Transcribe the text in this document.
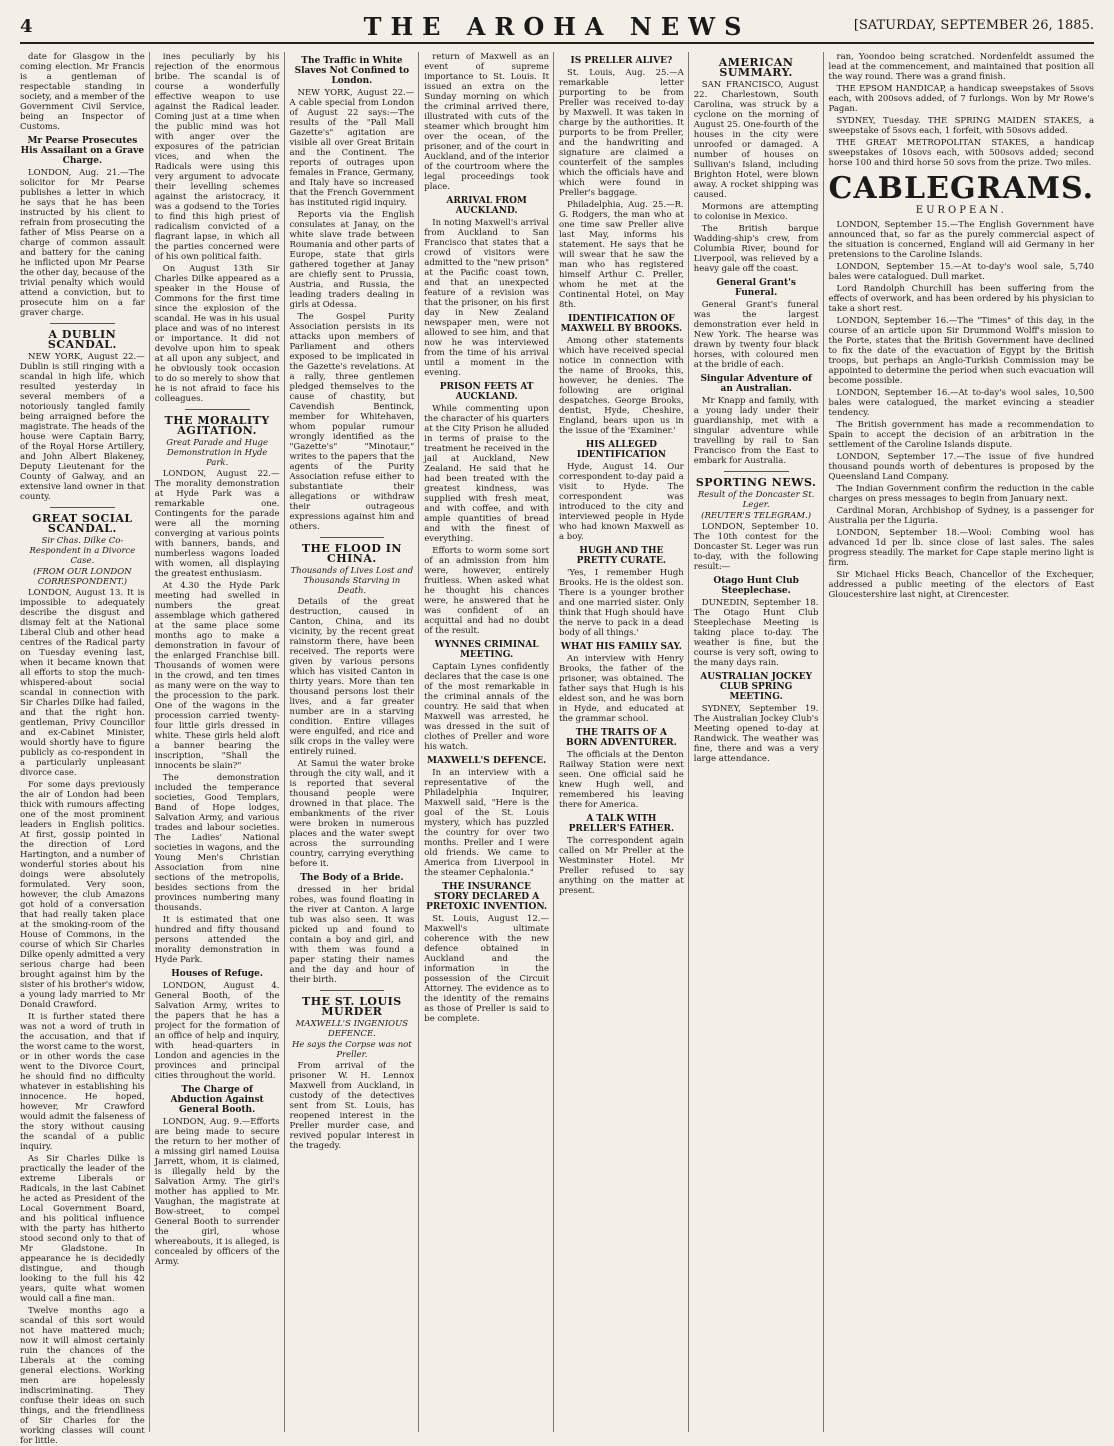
4	THE AROHA NEWS	[SATURDAY, SEPTEMBER 26, 1885.

date for Glasgow in the coming election. Mr Francis is a gentleman of respectable standing in society, and a member of the Government Civil Service, being an Inspector of Customs.

Mr Pearse Prosecutes His Assailant on a Grave Charge.

LONDON, Aug. 21.—The solicitor for Mr Pearse publishes a letter in which he says that he has been instructed by his client to refrain from prosecuting the father of Miss Pearse on a charge of common assault and battery for the caning he inflicted upon Mr Pearse the other day, because of the trivial penalty which would attend a conviction, but to prosecute him on a far graver charge.

A DUBLIN SCANDAL.

NEW YORK, August 22.—Dublin is still ringing with a scandal in high life, which resulted yesterday in several members of a notoriously tangled family being arraigned before the magistrate. The heads of the house were Captain Barry, of the Royal Horse Artillery, and John Albert Blakeney, Deputy Lieutenant for the County of Galway, and an extensive land owner in that county.

GREAT SOCIAL SCANDAL.
Sir Chas. Dilke Co-Respondent in a Divorce Case.
(FROM OUR LONDON CORRESPONDENT.)

LONDON, August 13. It is impossible to adequately describe the disgust and dismay felt at the National Liberal Club and other head centres of the Radical party on Tuesday evening last, when it became known that all efforts to stop the much-whispered-about social scandal in connection with Sir Charles Dilke had failed, and that the right hon. gentleman, Privy Councillor and ex-Cabinet Minister, would shortly have to figure publicly as co-respondent in a particularly unpleasant divorce case.

For some days previously the air of London had been thick with rumours affecting one of the most prominent leaders in English politics. At first, gossip pointed in the direction of Lord Hartington, and a number of wonderful stories about his doings were absolutely formulated. Very soon, however, the club Amazons got hold of a conversation that had really taken place at the smoking-room of the House of Commons, in the course of which Sir Charles Dilke openly admitted a very serious charge had been brought against him by the sister of his brother's widow, a young lady married to Mr Donald Crawford.

It is further stated there was not a word of truth in the accusation, and that if the worst came to the worst, or in other words the case went to the Divorce Court, he should find no difficulty whatever in establishing his innocence. He hoped, however, Mr Crawford would admit the falseness of the story without causing the scandal of a public inquiry.

As Sir Charles Dilke is practically the leader of the extreme Liberals or Radicals, in the last Cabinet he acted as President of the Local Government Board, and his political influence with the party has hitherto stood second only to that of Mr Gladstone. In appearance he is decidedly distingue, and though looking to the full his 42 years, quite what women would call a fine man.

Twelve months ago a scandal of this sort would not have mattered much; now it will almost certainly ruin the chances of the Liberals at the coming general elections. Working men are hopelessly indiscriminating. They confuse their ideas on such things, and the friendliness of Sir Charles for the working classes will count for little.

ines peculiarly by his rejection of the enormous bribe. The scandal is of course a wonderfully effective weapon to use against the Radical leader. Coming just at a time when the public mind was hot with anger over the exposures of the patrician vices, and when the Radicals were using this very argument to advocate their levelling schemes against the aristocracy, it was a godsend to the Tories to find this high priest of radicalism convicted of a flagrant lapse, in which all the parties concerned were of his own political faith.

On August 13th Sir Charles Dilke appeared as a speaker in the House of Commons for the first time since the explosion of the scandal. He was in his usual place and was of no interest or importance. It did not devolve upon him to speak at all upon any subject, and he obviously took occasion to do so merely to show that he is not afraid to face his colleagues.

THE MORALITY AGITATION.
Great Parade and Huge Demonstration in Hyde Park.

LONDON, August 22.—The morality demonstration at Hyde Park was a remarkable one. Contingents for the parade were all the morning converging at various points with banners, bands, and numberless wagons loaded with women, all displaying the greatest enthusiasm.

At 4.30 the Hyde Park meeting had swelled in numbers the great assemblage which gathered at the same place some months ago to make a demonstration in favour of the enlarged Franchise bill. Thousands of women were in the crowd, and ten times as many were on the way to the procession to the park. One of the wagons in the procession carried twenty-four little girls dressed in white. These girls held aloft a banner bearing the inscription, "Shall the innocents be slain?"

The demonstration included the temperance societies, Good Templars, Band of Hope lodges, Salvation Army, and various trades and labour societies. The Ladies' National societies in wagons, and the Young Men's Christian Association from nine sections of the metropolis, besides sections from the provinces numbering many thousands.

It is estimated that one hundred and fifty thousand persons attended the morality demonstration in Hyde Park.

Houses of Refuge.

LONDON, August 4. General Booth, of the Salvation Army, writes to the papers that he has a project for the formation of an office of help and inquiry, with head-quarters in London and agencies in the provinces and principal cities throughout the world.

The Charge of Abduction Against General Booth.

LONDON, Aug. 9.—Efforts are being made to secure the return to her mother of a missing girl named Louisa Jarrett, whom, it is claimed, is illegally held by the Salvation Army. The girl's mother has applied to Mr. Vaughan, the magistrate at Bow-street, to compel General Booth to surrender the girl, whose whereabouts, it is alleged, is concealed by officers of the Army.

The Traffic in White Slaves Not Confined to London.

NEW YORK, August 22.—A cable special from London of August 22 says:—The results of the "Pall Mall Gazette's" agitation are visible all over Great Britain and the Continent. The reports of outrages upon females in France, Germany, and Italy have so increased that the French Government has instituted rigid inquiry.

Reports via the English consulates at Janay, on the white slave trade between Roumania and other parts of Europe, state that girls gathered together at Janay are chiefly sent to Prussia, Austria, and Russia, the leading traders dealing in girls at Odessa.

The Gospel Purity Association persists in its attacks upon members of Parliament and others exposed to be implicated in the Gazette's revelations. At a rally, three gentlemen pledged themselves to the cause of chastity, but Cavendish Bentinck, member for Whitehaven, whom popular rumour wrongly identified as the "Gazette's" "Minotaur," writes to the papers that the agents of the Purity Association refuse either to substantiate their allegations or withdraw their outrageous expressions against him and others.

THE FLOOD IN CHINA.
Thousands of Lives Lost and Thousands Starving in Death.

Details of the great destruction, caused in Canton, China, and its vicinity, by the recent great rainstorm there, have been received. The reports were given by various persons which has visited Canton in thirty years. More than ten thousand persons lost their lives, and a far greater number are in a starving condition. Entire villages were engulfed, and rice and silk crops in the valley were entirely ruined.

At Samui the water broke through the city wall, and it is reported that several thousand people were drowned in that place. The embankments of the river were broken in numerous places and the water swept across the surrounding country, carrying everything before it.

The Body of a Bride.

dressed in her bridal robes, was found floating in the river at Canton. A large tub was also seen. It was picked up and found to contain a boy and girl, and with them was found a paper stating their names and the day and hour of their birth.

THE ST. LOUIS MURDER
MAXWELL'S INGENIOUS DEFENCE.
He says the Corpse was not Preller.

From arrival of the prisoner W. H. Lennox Maxwell from Auckland, in custody of the detectives sent from St. Louis, has reopened interest in the Preller murder case, and revived popular interest in the tragedy.

return of Maxwell as an event of supreme importance to St. Louis. It issued an extra on the Sunday morning on which the criminal arrived there, illustrated with cuts of the steamer which brought him over the ocean, of the prisoner, and of the court in Auckland, and of the interior of the courtroom where the legal proceedings took place.

ARRIVAL FROM AUCKLAND.

In noting Maxwell's arrival from Auckland to San Francisco that states that a crowd of visitors were admitted to the "new prison" at the Pacific coast town, and that an unexpected feature of a revision was that the prisoner, on his first day in New Zealand newspaper men, were not allowed to see him, and that now he was interviewed from the time of his arrival until a moment in the evening.

PRISON FEETS AT AUCKLAND.

While commenting upon the character of his quarters at the City Prison he alluded in terms of praise to the treatment he received in the jail at Auckland, New Zealand. He said that he had been treated with the greatest kindness, was supplied with fresh meat, and with coffee, and with ample quantities of bread and with the finest of everything.

Efforts to worm some sort of an admission from him were, however, entirely fruitless. When asked what he thought his chances were, he answered that he was confident of an acquittal and had no doubt of the result.

WYNNES CRIMINAL MEETING.

Captain Lynes confidently declares that the case is one of the most remarkable in the criminal annals of the country. He said that when Maxwell was arrested, he was dressed in the suit of clothes of Preller and wore his watch.

MAXWELL'S DEFENCE.

In an interview with a representative of the Philadelphia Inquirer, Maxwell said, "Here is the goal of the St. Louis mystery, which has puzzled the country for over two months. Preller and I were old friends. We came to America from Liverpool in the steamer Cephalonia."

THE INSURANCE STORY DECLARED A PRETOXIC INVENTION.

St. Louis, August 12.—Maxwell's ultimate coherence with the new defence obtained in Auckland and the information in the possession of the Circuit Attorney. The evidence as to the identity of the remains as those of Preller is said to be complete.

IS PRELLER ALIVE?

St. Louis, Aug. 25.—A remarkable letter purporting to be from Preller was received to-day by Maxwell. It was taken in charge by the authorities. It purports to be from Preller, and the handwriting and signature are claimed a counterfeit of the samples which the officials have and which were found in Preller's baggage.

Philadelphia, Aug. 25.—R. G. Rodgers, the man who at one time saw Preller alive last May, informs his statement. He says that he will swear that he saw the man who has registered himself Arthur C. Preller, whom he met at the Continental Hotel, on May 8th.

IDENTIFICATION OF MAXWELL BY BROOKS.

Among other statements which have received special notice in connection with the name of Brooks, this, however, he denies. The following are original despatches. George Brooks, dentist, Hyde, Cheshire, England, bears upon us in the issue of the 'Examiner.'

HIS ALLEGED IDENTIFICATION

Hyde, August 14. Our correspondent to-day paid a visit to Hyde. The correspondent was introduced to the city and interviewed people in Hyde who had known Maxwell as a boy.

HUGH AND THE PRETTY CURATE.

'Yes, I remember Hugh Brooks. He is the oldest son. There is a younger brother and one married sister. Only think that Hugh should have the nerve to pack in a dead body of all things.'

WHAT HIS FAMILY SAY.

An interview with Henry Brooks, the father of the prisoner, was obtained. The father says that Hugh is his eldest son, and he was born in Hyde, and educated at the grammar school.

THE TRAITS OF A BORN ADVENTURER.

The officials at the Denton Railway Station were next seen. One official said he knew Hugh well, and remembered his leaving there for America.

A TALK WITH PRELLER'S FATHER.

The correspondent again called on Mr Preller at the Westminster Hotel. Mr Preller refused to say anything on the matter at present.

AMERICAN SUMMARY.

SAN FRANCISCO, August 22. Charlestown, South Carolina, was struck by a cyclone on the morning of August 25. One-fourth of the houses in the city were unroofed or damaged. A number of houses on Sullivan's Island, including Brighton Hotel, were blown away. A rocket shipping was caused.

Mormons are attempting to colonise in Mexico.

The British barque Wadding-ship's crew, from Columbia River, bound for Liverpool, was relieved by a heavy gale off the coast.

General Grant's Funeral.

General Grant's funeral was the largest demonstration ever held in New York. The hearse was drawn by twenty four black horses, with coloured men at the bridle of each.

Singular Adventure of an Australian.

Mr Knapp and family, with a young lady under their guardianship, met with a singular adventure while travelling by rail to San Francisco from the East to embark for Australia.

SPORTING NEWS.
Result of the Doncaster St. Leger.
(REUTER'S TELEGRAM.)

LONDON, September 10. The 10th contest for the Doncaster St. Leger was run to-day, with the following result:—

Otago Hunt Club Steeplechase.

DUNEDIN, September 18. The Otago Hunt Club Steeplechase Meeting is taking place to-day. The weather is fine, but the course is very soft, owing to the many days rain.

AUSTRALIAN JOCKEY CLUB SPRING MEETING.

SYDNEY, September 19. The Australian Jockey Club's Meeting opened to-day at Randwick. The weather was fine, there and was a very large attendance.

ran, Yoondoo being scratched. Nordenfeldt assumed the lead at the commencement, and maintained that position all the way round. There was a grand finish.

THE EPSOM HANDICAP, a handicap sweepstakes of 5sovs each, with 200sovs added, of 7 furlongs. Won by Mr Rowe's Pagan.

SYDNEY, Tuesday. THE SPRING MAIDEN STAKES, a sweepstake of 5sovs each, 1 forfeit, with 50sovs added.

THE GREAT METROPOLITAN STAKES, a handicap sweepstakes of 10sovs each, with 500sovs added; second horse 100 and third horse 50 sovs from the prize. Two miles.

CABLEGRAMS.
EUROPEAN.

LONDON, September 15.—The English Government have announced that, so far as the purely commercial aspect of the situation is concerned, England will aid Germany in her pretensions to the Caroline Islands.

LONDON, September 15.—At to-day's wool sale, 5,740 bales were catalogued. Dull market.

Lord Randolph Churchill has been suffering from the effects of overwork, and has been ordered by his physician to take a short rest.

LONDON, September 16.—The "Times" of this day, in the course of an article upon Sir Drummond Wolff's mission to the Porte, states that the British Government have declined to fix the date of the evacuation of Egypt by the British troops, but perhaps an Anglo-Turkish Commission may be appointed to determine the period when such evacuation will become possible.

LONDON, September 16.—At to-day's wool sales, 10,500 bales were catalogued, the market evincing a steadier tendency.

The British government has made a recommendation to Spain to accept the decision of an arbitration in the settlement of the Caroline Islands dispute.

LONDON, September 17.—The issue of five hundred thousand pounds worth of debentures is proposed by the Queensland Land Company.

The Indian Government confirm the reduction in the cable charges on press messages to begin from January next.

Cardinal Moran, Archbishop of Sydney, is a passenger for Australia per the Liguria.

LONDON, September 18.—Wool: Combing wool has advanced 1d per lb. since close of last sales. The sales progress steadily. The market for Cape staple merino light is firm.

Sir Michael Hicks Beach, Chancellor of the Exchequer, addressed a public meeting of the electors of East Gloucestershire last night, at Cirencester.
